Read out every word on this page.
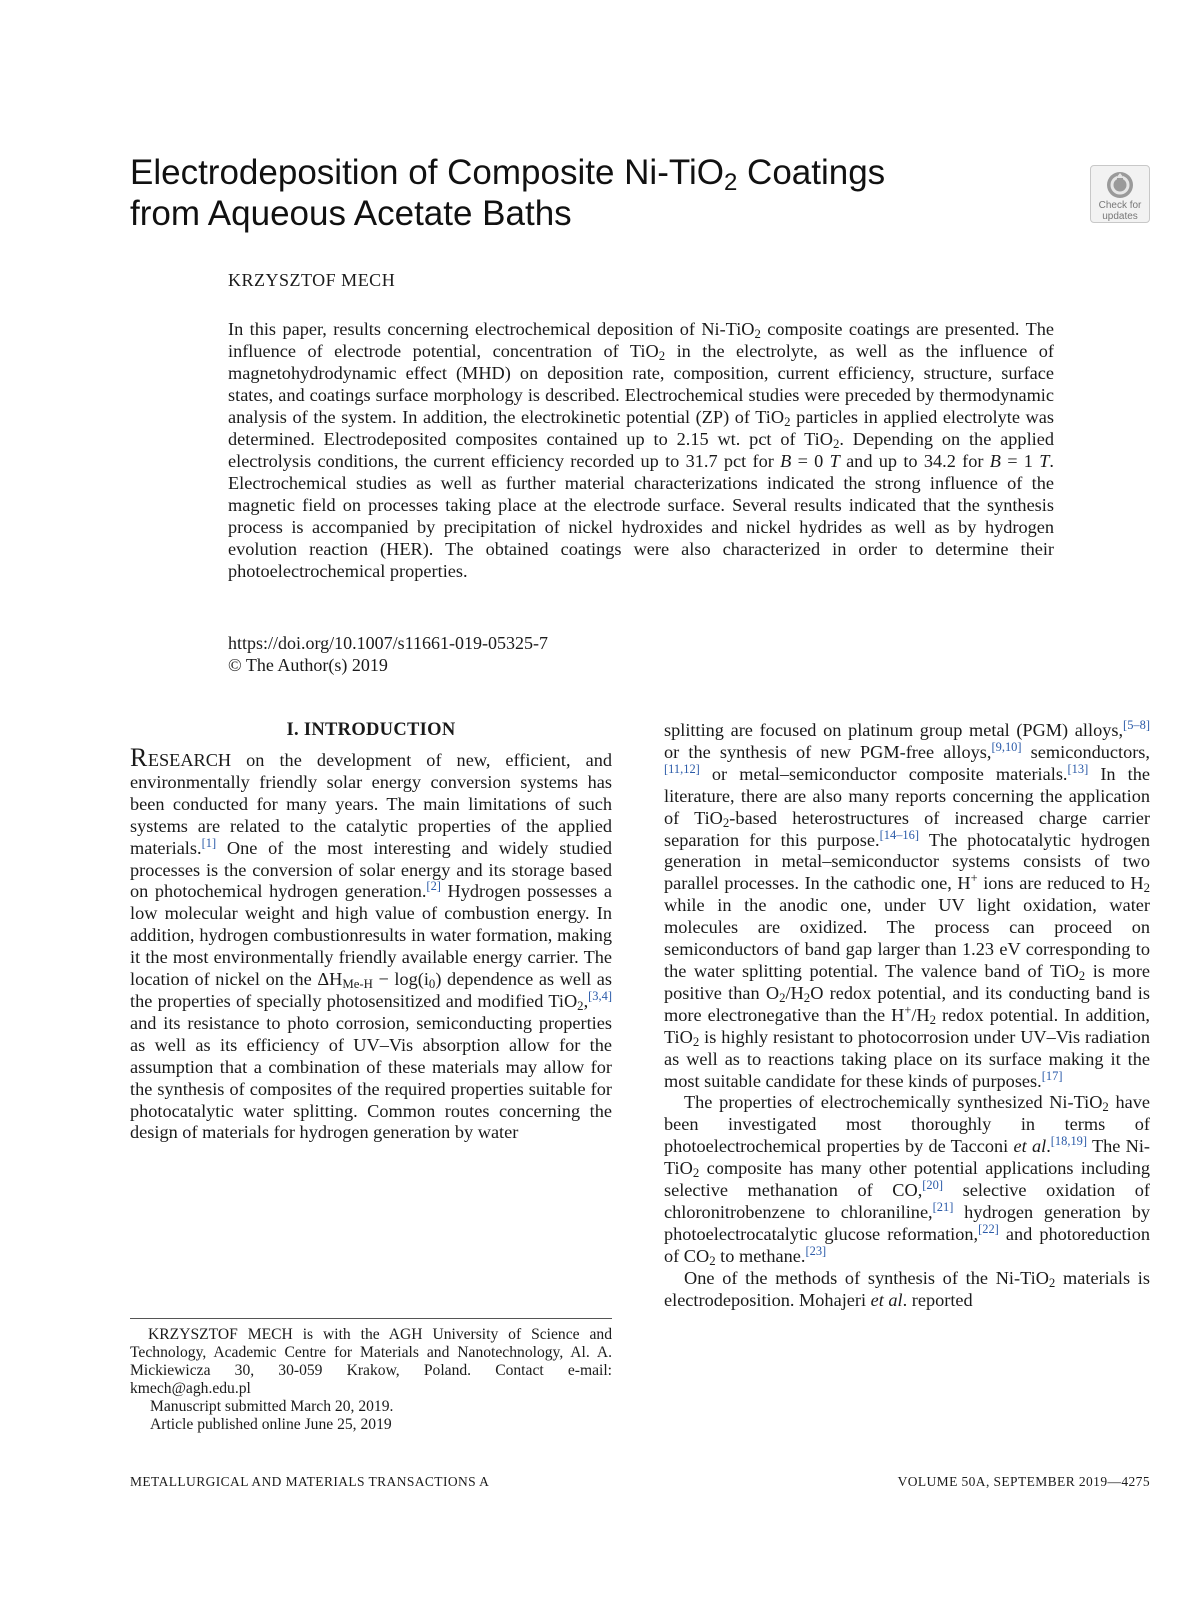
Electrodeposition of Composite Ni-TiO$_2$ Coatings
from Aqueous Acetate Baths	Check for
updates

KRZYSZTOF MECH

In this paper, results concerning electrochemical deposition of Ni-TiO$_2$ composite coatings are presented. The influence of electrode potential, concentration of TiO$_2$ in the electrolyte, as well as the influence of magnetohydrodynamic effect (MHD) on deposition rate, composition, current efficiency, structure, surface states, and coatings surface morphology is described. Electrochemical studies were preceded by thermodynamic analysis of the system. In addition, the electrokinetic potential (ZP) of TiO$_2$ particles in applied electrolyte was determined. Electrodeposited composites contained up to 2.15 wt. pct of TiO$_2$. Depending on the applied electrolysis conditions, the current efficiency recorded up to 31.7 pct for B = 0 T and up to 34.2 for B = 1 T. Electrochemical studies as well as further material characterizations indicated the strong influence of the magnetic field on processes taking place at the electrode surface. Several results indicated that the synthesis process is accompanied by precipitation of nickel hydroxides and nickel hydrides as well as by hydrogen evolution reaction (HER). The obtained coatings were also characterized in order to determine their photoelectrochemical properties.

https://doi.org/10.1007/s11661-019-05325-7
© The Author(s) 2019
I. INTRODUCTION

RESEARCH on the development of new, efficient, and environmentally friendly solar energy conversion systems has been conducted for many years. The main limitations of such systems are related to the catalytic properties of the applied materials.[1] One of the most interesting and widely studied processes is the conversion of solar energy and its storage based on photochemical hydrogen generation.[2] Hydrogen possesses a low molecular weight and high value of combustion energy. In addition, hydrogen combustionresults in water formation, making it the most environmentally friendly available energy carrier. The location of nickel on the $\Delta H_{Me-H} - \log(i_0)$ dependence as well as the properties of specially photosensitized and modified TiO$_2$,[3,4] and its resistance to photo corrosion, semiconducting properties as well as its efficiency of UV–Vis absorption allow for the assumption that a combination of these materials may allow for the synthesis of composites of the required properties suitable for photocatalytic water splitting. Common routes concerning the design of materials for hydrogen generation by water

splitting are focused on platinum group metal (PGM) alloys,[5–8] or the synthesis of new PGM-free alloys,[9,10] semiconductors,[11,12] or metal–semiconductor composite materials.[13] In the literature, there are also many reports concerning the application of TiO$_2$-based heterostructures of increased charge carrier separation for this purpose.[14–16] The photocatalytic hydrogen generation in metal–semiconductor systems consists of two parallel processes. In the cathodic one, H+ ions are reduced to $H_2$ while in the anodic one, under UV light oxidation, water molecules are oxidized. The process can proceed on semiconductors of band gap larger than 1.23 eV corresponding to the water splitting potential. The valence band of TiO$_2$ is more positive than $O_2/H_2O$ redox potential, and its conducting band is more electronegative than the $H^+/H_2$ redox potential. In addition, TiO$_2$ is highly resistant to photocorrosion under UV–Vis radiation as well as to reactions taking place on its surface making it the most suitable candidate for these kinds of purposes.[17]

The properties of electrochemically synthesized Ni-TiO$_2$ have been investigated most thoroughly in terms of photoelectrochemical properties by de Tacconi et al.[18,19] The Ni-TiO$_2$ composite has many other potential applications including selective methanation of CO,[20] selective oxidation of chloronitrobenzene to chloraniline,[21] hydrogen generation by photoelectrocatalytic glucose reformation,[22] and photoreduction of $CO_2$ to methane.[23]

One of the methods of synthesis of the Ni-TiO$_2$ materials is electrodeposition. Mohajeri et al. reported

KRZYSZTOF MECH is with the AGH University of Science and Technology, Academic Centre for Materials and Nanotechnology, Al. A. Mickiewicza 30, 30-059 Krakow, Poland. Contact e-mail: kmech@agh.edu.pl

Manuscript submitted March 20, 2019.
Article published online June 25, 2019

METALLURGICAL AND MATERIALS TRANSACTIONS A	VOLUME 50A, SEPTEMBER 2019—4275
